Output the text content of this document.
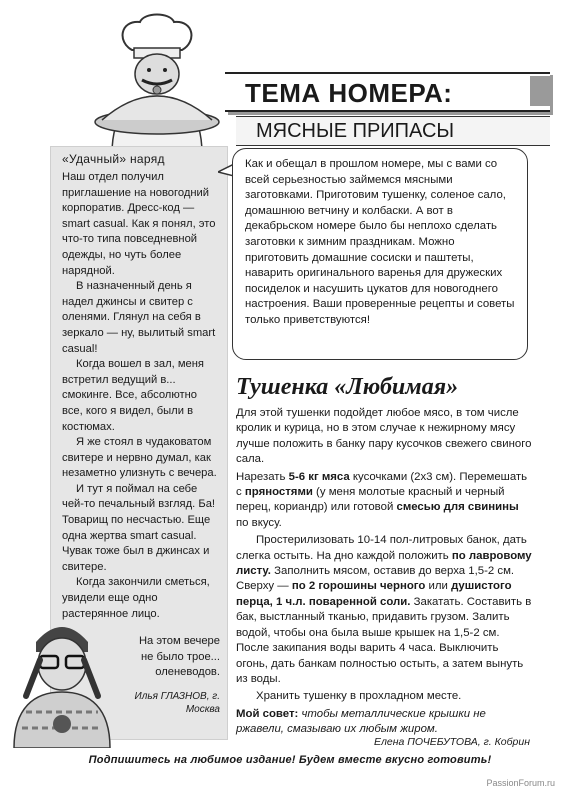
ТЕМА НОМЕРА:
МЯСНЫЕ ПРИПАСЫ
«Удачный» наряд

Наш отдел получил приглашение на новогодний корпоратив. Дресс-код — smart casual. Как я понял, это что-то типа повседневной одежды, но чуть более нарядной.

В назначенный день я надел джинсы и свитер с оленями. Глянул на себя в зеркало — ну, вылитый smart casual!

Когда вошел в зал, меня встретил ведущий в... смокинге. Все, абсолютно все, кого я видел, были в костюмах.

Я же стоял в чудаковатом свитере и нервно думал, как незаметно улизнуть с вечера.

И тут я поймал на себе чей-то печальный взгляд. Ба! Товарищ по несчастью. Еще одна жертва smart casual. Чувак тоже был в джинсах и свитере.

Когда закончили сметься, увидели еще одно растерянное лицо.

На этом вечере не было трое... оленеводов.

Илья ГЛАЗНОВ, г. Москва
Как и обещал в прошлом номере, мы с вами со всей серьезностью займемся мясными заготовками. Приготовим тушенку, соленое сало, домашнюю ветчину и колбаски. А вот в декабрьском номере было бы неплохо сделать заготовки к зимним праздникам. Можно приготовить домашние сосиски и паштеты, наварить оригинального варенья для дружеских посиделок и насушить цукатов для новогоднего настроения. Ваши проверенные рецепты и советы только приветствуются!
Тушенка «Любимая»

Для этой тушенки подойдет любое мясо, в том числе кролик и курица, но в этом случае к нежирному мясу лучше положить в банку пару кусочков свежего свиного сала.

Нарезать 5-6 кг мяса кусочками (2х3 см). Перемешать с пряностями (у меня молотые красный и черный перец, кориандр) или готовой смесью для свинины по вкусу.

Простерилизовать 10-14 пол-литровых банок, дать слегка остыть. На дно каждой положить по лавровому листу. Заполнить мясом, оставив до верха 1,5-2 см. Сверху — по 2 горошины черного или душистого перца, 1 ч.л. поваренной соли. Закатать. Составить в бак, выстланный тканью, придавить грузом. Залить водой, чтобы она была выше крышек на 1,5-2 см. После закипания воды варить 4 часа. Выключить огонь, дать банкам полностью остыть, а затем вынуть из воды.

Хранить тушенку в прохладном месте.

Мой совет: чтобы металлические крышки не ржавели, смазываю их любым жиром.

Елена ПОЧЕБУТОВА, г. Кобрин
Подпишитесь на любимое издание! Будем вместе вкусно готовить!
PassionForum.ru
